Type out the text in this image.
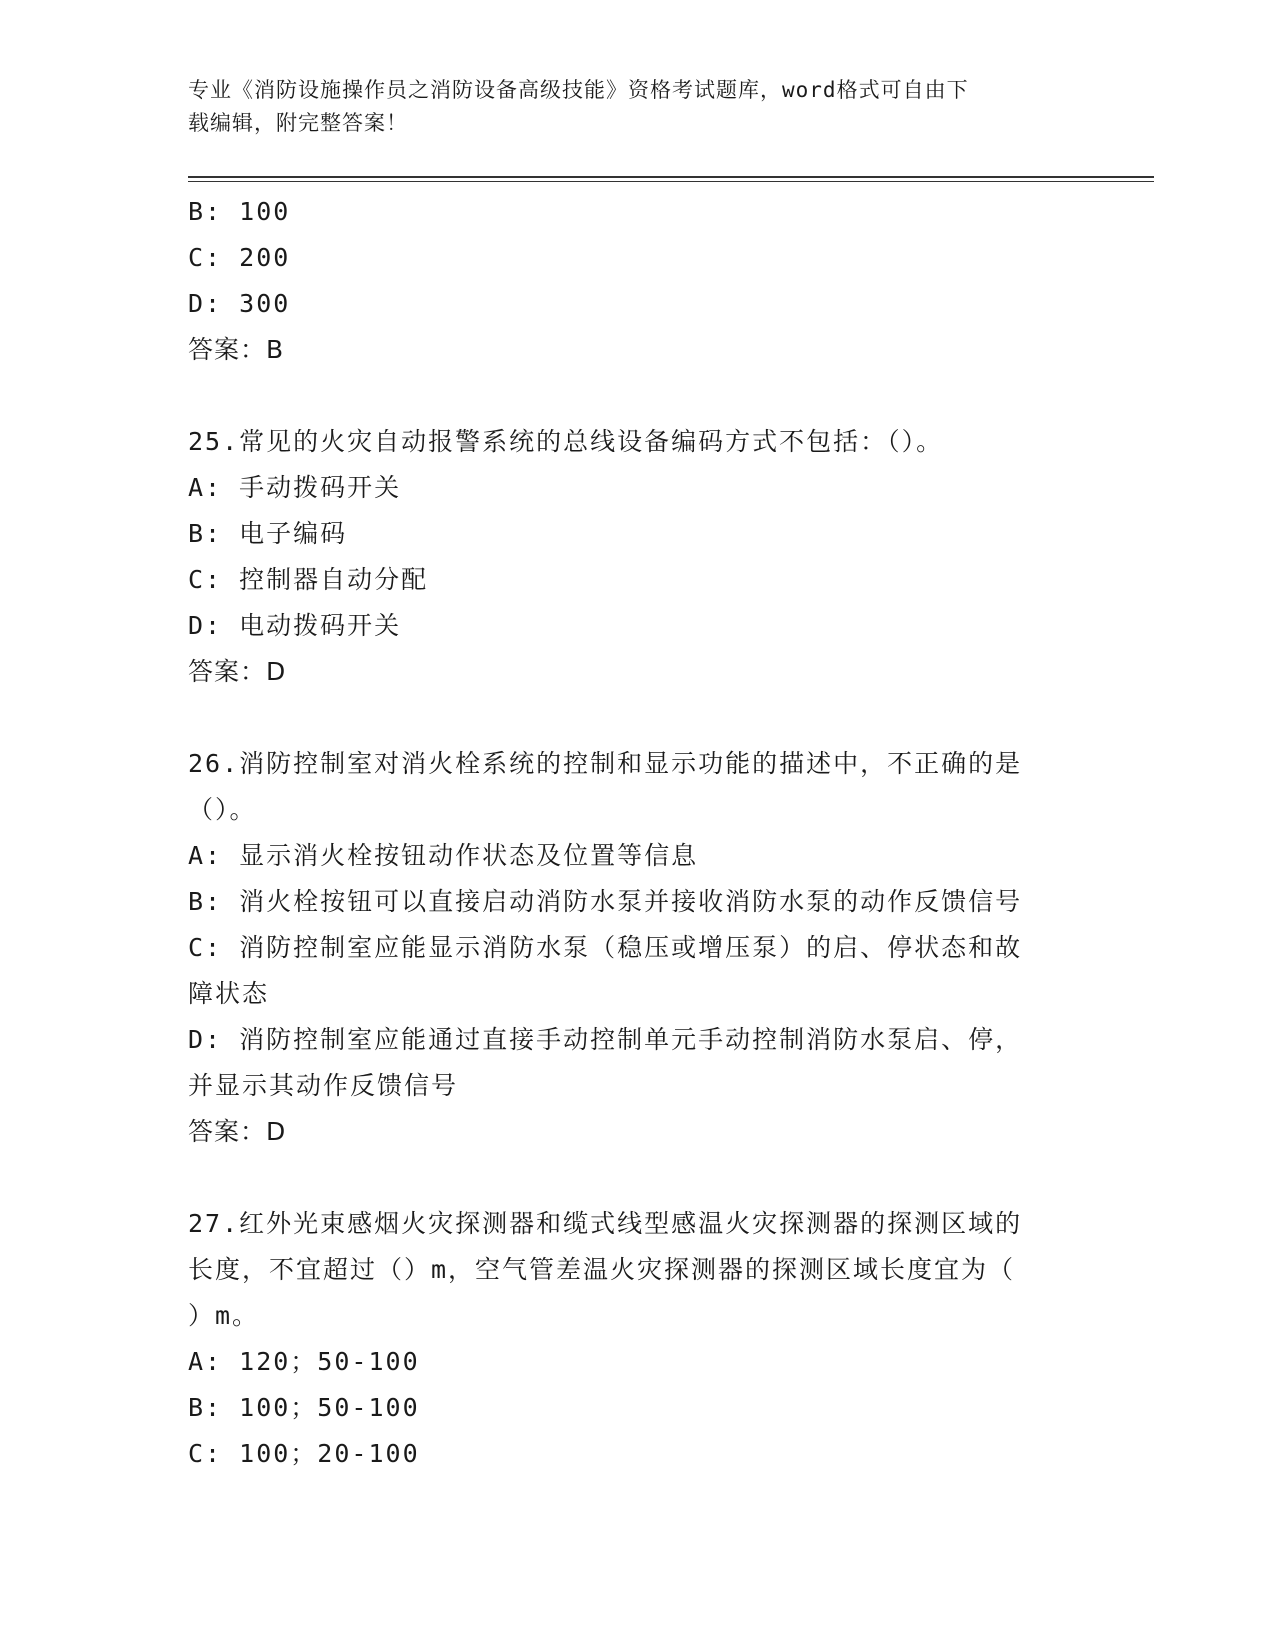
专业《消防设施操作员之消防设备高级技能》资格考试题库，word格式可自由下
载编辑，附完整答案！

B: 100

C: 200

D: 300

答案：B

25.常见的火灾自动报警系统的总线设备编码方式不包括：（）。

A: 手动拨码开关

B: 电子编码

C: 控制器自动分配

D: 电动拨码开关

答案：D

26.消防控制室对消火栓系统的控制和显示功能的描述中，不正确的是

（）。

A: 显示消火栓按钮动作状态及位置等信息

B: 消火栓按钮可以直接启动消防水泵并接收消防水泵的动作反馈信号

C: 消防控制室应能显示消防水泵（稳压或增压泵）的启、停状态和故

障状态

D: 消防控制室应能通过直接手动控制单元手动控制消防水泵启、停，

并显示其动作反馈信号

答案：D

27.红外光束感烟火灾探测器和缆式线型感温火灾探测器的探测区域的

长度，不宜超过（）m，空气管差温火灾探测器的探测区域长度宜为（

）m。

A: 120；50-100

B: 100；50-100

C: 100；20-100
